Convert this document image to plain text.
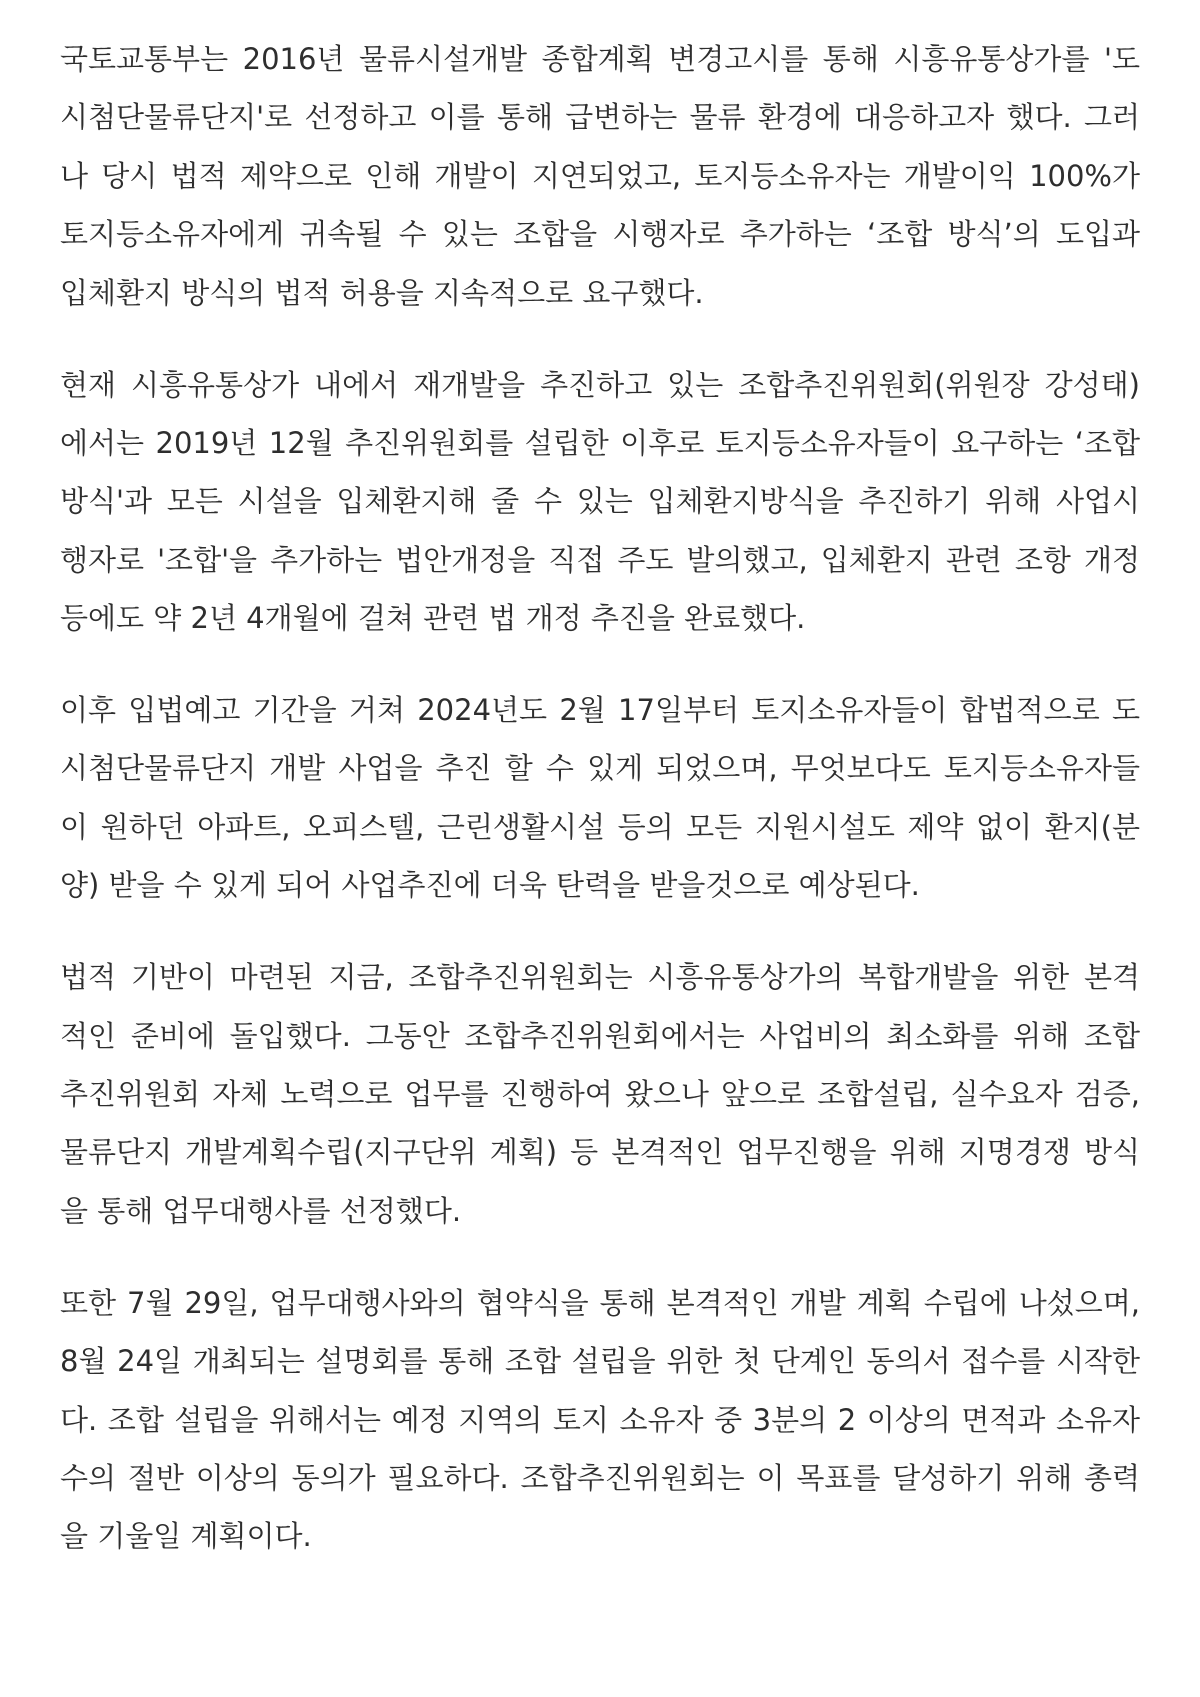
국토교통부는 2016년 물류시설개발 종합계획 변경고시를 통해 시흥유통상가를 '도
시첨단물류단지'로 선정하고 이를 통해 급변하는 물류 환경에 대응하고자 했다. 그러
나 당시 법적 제약으로 인해 개발이 지연되었고, 토지등소유자는 개발이익 100%가
토지등소유자에게 귀속될 수 있는 조합을 시행자로 추가하는 ‘조합 방식’의 도입과
입체환지 방식의 법적 허용을 지속적으로 요구했다.
현재 시흥유통상가 내에서 재개발을 추진하고 있는 조합추진위원회(위원장 강성태)
에서는 2019년 12월 추진위원회를 설립한 이후로 토지등소유자들이 요구하는 ‘조합
방식'과 모든 시설을 입체환지해 줄 수 있는 입체환지방식을 추진하기 위해 사업시
행자로 '조합'을 추가하는 법안개정을 직접 주도 발의했고, 입체환지 관련 조항 개정
등에도 약 2년 4개월에 걸쳐 관련 법 개정 추진을 완료했다.
이후 입법예고 기간을 거쳐 2024년도 2월 17일부터 토지소유자들이 합법적으로 도
시첨단물류단지 개발 사업을 추진 할 수 있게 되었으며, 무엇보다도 토지등소유자들
이 원하던 아파트, 오피스텔, 근린생활시설 등의 모든 지원시설도 제약 없이 환지(분
양) 받을 수 있게 되어 사업추진에 더욱 탄력을 받을것으로 예상된다.
법적 기반이 마련된 지금, 조합추진위원회는 시흥유통상가의 복합개발을 위한 본격
적인 준비에 돌입했다. 그동안 조합추진위원회에서는 사업비의 최소화를 위해 조합
추진위원회 자체 노력으로 업무를 진행하여 왔으나 앞으로 조합설립, 실수요자 검증,
물류단지 개발계획수립(지구단위 계획) 등 본격적인 업무진행을 위해 지명경쟁 방식
을 통해 업무대행사를 선정했다.
또한 7월 29일, 업무대행사와의 협약식을 통해 본격적인 개발 계획 수립에 나섰으며,
8월 24일 개최되는 설명회를 통해 조합 설립을 위한 첫 단계인 동의서 접수를 시작한
다. 조합 설립을 위해서는 예정 지역의 토지 소유자 중 3분의 2 이상의 면적과 소유자
수의 절반 이상의 동의가 필요하다. 조합추진위원회는 이 목표를 달성하기 위해 총력
을 기울일 계획이다.
